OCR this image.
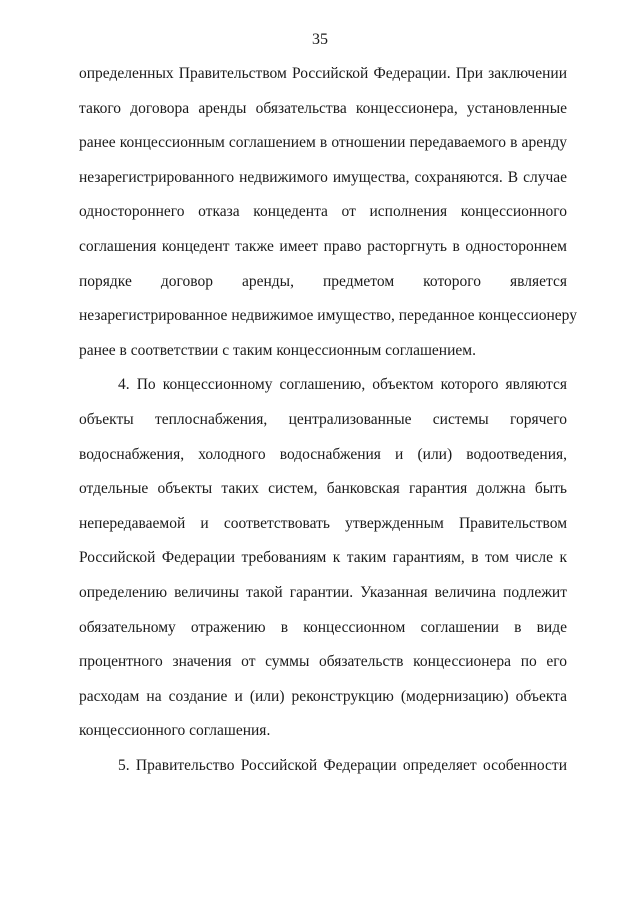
35
определенных Правительством Российской Федерации. При заключении
такого договора аренды обязательства концессионера, установленные
ранее концессионным соглашением в отношении передаваемого в аренду
незарегистрированного недвижимого имущества, сохраняются. В случае
одностороннего отказа концедента от исполнения концессионного
соглашения концедент также имеет право расторгнуть в одностороннем
порядке договор аренды, предметом которого является
незарегистрированное недвижимое имущество, переданное концессионеру
ранее в соответствии с таким концессионным соглашением.
4. По концессионному соглашению, объектом которого являются
объекты теплоснабжения, централизованные системы горячего
водоснабжения, холодного водоснабжения и (или) водоотведения,
отдельные объекты таких систем, банковская гарантия должна быть
непередаваемой и соответствовать утвержденным Правительством
Российской Федерации требованиям к таким гарантиям, в том числе к
определению величины такой гарантии. Указанная величина подлежит
обязательному отражению в концессионном соглашении в виде
процентного значения от суммы обязательств концессионера по его
расходам на создание и (или) реконструкцию (модернизацию) объекта
концессионного соглашения.
5. Правительство Российской Федерации определяет особенности
